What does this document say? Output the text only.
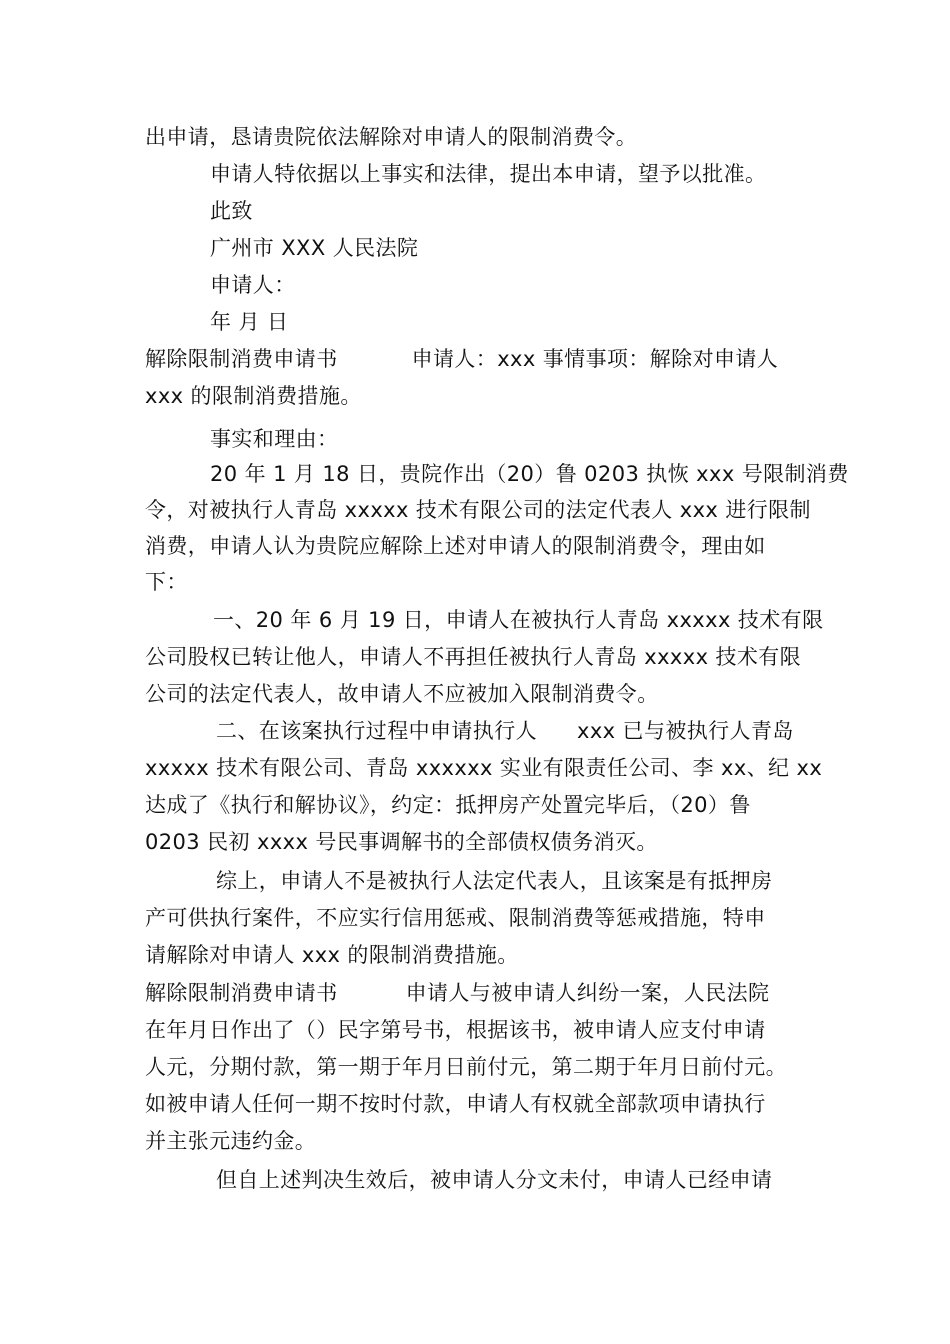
出申请，恳请贵院依法解除对申请人的限制消费令。
申请人特依据以上事实和法律，提出本申请，望予以批准。
此致
广州市 XXX 人民法院
申请人：
年 月 日
解除限制消费申请书	申请人：xxx 事情事项：解除对申请人
xxx 的限制消费措施。
事实和理由：
20 年 1 月 18 日，贵院作出（20）鲁 0203 执恢 xxx 号限制消费
令，对被执行人青岛 xxxxx 技术有限公司的法定代表人 xxx 进行限制
消费，申请人认为贵院应解除上述对申请人的限制消费令，理由如
下：
一、20 年 6 月 19 日，申请人在被执行人青岛 xxxxx 技术有限
公司股权已转让他人，申请人不再担任被执行人青岛 xxxxx 技术有限
公司的法定代表人，故申请人不应被加入限制消费令。
二、在该案执行过程中申请执行人 xxx 已与被执行人青岛
xxxxx 技术有限公司、青岛 xxxxxx 实业有限责任公司、李 xx、纪 xx
达成了《执行和解协议》，约定：抵押房产处置完毕后，（20）鲁
0203 民初 xxxx 号民事调解书的全部债权债务消灭。
综上，申请人不是被执行人法定代表人，且该案是有抵押房
产可供执行案件，不应实行信用惩戒、限制消费等惩戒措施，特申
请解除对申请人 xxx 的限制消费措施。
解除限制消费申请书	申请人与被申请人纠纷一案，人民法院
在年月日作出了（）民字第号书，根据该书，被申请人应支付申请
人元，分期付款，第一期于年月日前付元，第二期于年月日前付元。
如被申请人任何一期不按时付款，申请人有权就全部款项申请执行
并主张元违约金。
但自上述判决生效后，被申请人分文未付，申请人已经申请
